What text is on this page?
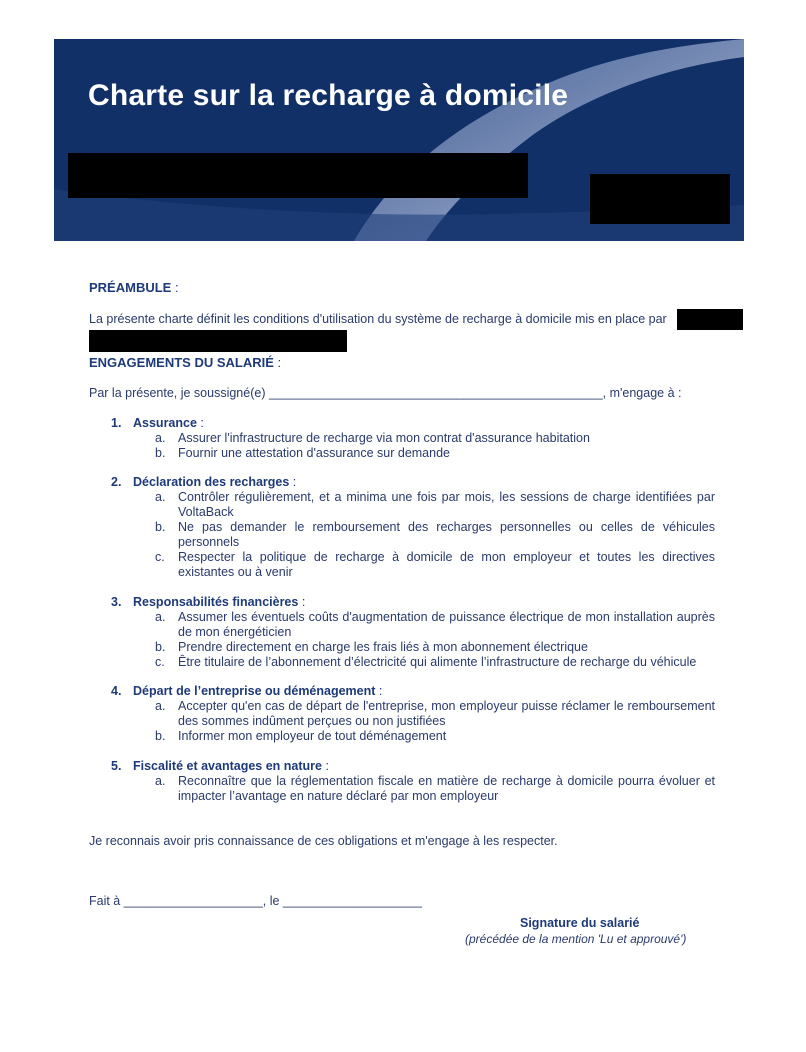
Charte sur la recharge à domicile
PRÉAMBULE :
La présente charte définit les conditions d'utilisation du système de recharge à domicile mis en place par
ENGAGEMENTS DU SALARIÉ :
Par la présente, je soussigné(e) ________________________________________________, m'engage à :
1. Assurance :
a. Assurer l'infrastructure de recharge via mon contrat d'assurance habitation
b. Fournir une attestation d'assurance sur demande
2. Déclaration des recharges :
a. Contrôler régulièrement, et a minima une fois par mois, les sessions de charge identifiées par VoltaBack
b. Ne pas demander le remboursement des recharges personnelles ou celles de véhicules personnels
c. Respecter la politique de recharge à domicile de mon employeur et toutes les directives existantes ou à venir
3. Responsabilités financières :
a. Assumer les éventuels coûts d'augmentation de puissance électrique de mon installation auprès de mon énergéticien
b. Prendre directement en charge les frais liés à mon abonnement électrique
c. Être titulaire de l’abonnement d’électricité qui alimente l’infrastructure de recharge du véhicule
4. Départ de l’entreprise ou déménagement :
a. Accepter qu'en cas de départ de l'entreprise, mon employeur puisse réclamer le remboursement des sommes indûment perçues ou non justifiées
b. Informer mon employeur de tout déménagement
5. Fiscalité et avantages en nature :
a. Reconnaître que la réglementation fiscale en matière de recharge à domicile pourra évoluer et impacter l’avantage en nature déclaré par mon employeur
Je reconnais avoir pris connaissance de ces obligations et m'engage à les respecter.
Fait à ____________________, le ____________________
Signature du salarié
(précédée de la mention 'Lu et approuvé')
